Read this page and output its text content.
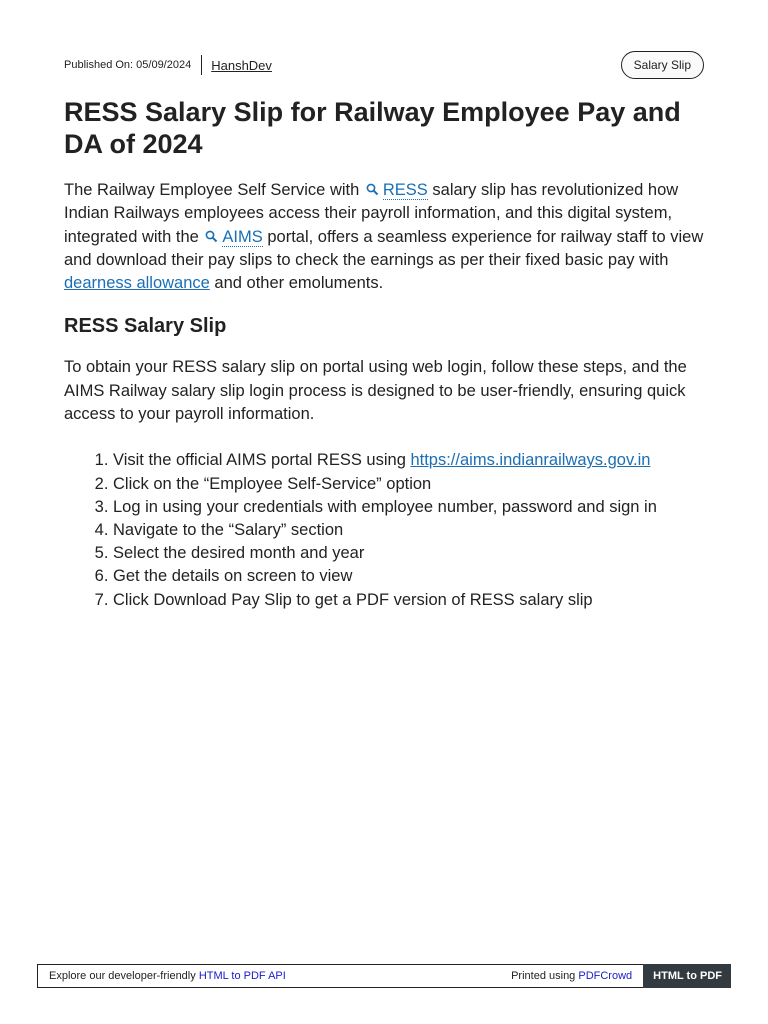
Published On: 05/09/2024 HanshDev	Salary Slip
RESS Salary Slip for Railway Employee Pay and DA of 2024

The Railway Employee Self Service with RESS salary slip has revolutionized how Indian Railways employees access their payroll information, and this digital system, integrated with the AIMS portal, offers a seamless experience for railway staff to view and download their pay slips to check the earnings as per their fixed basic pay with dearness allowance and other emoluments.

RESS Salary Slip

To obtain your RESS salary slip on portal using web login, follow these steps, and the AIMS Railway salary slip login process is designed to be user-friendly, ensuring quick access to your payroll information.

1. Visit the official AIMS portal RESS using https://aims.indianrailways.gov.in
2. Click on the “Employee Self-Service” option
3. Log in using your credentials with employee number, password and sign in
4. Navigate to the “Salary” section
5. Select the desired month and year
6. Get the details on screen to view
7. Click Download Pay Slip to get a PDF version of RESS salary slip
Explore our developer-friendly HTML to PDF API	Printed using PDFCrowd	HTML to PDF
